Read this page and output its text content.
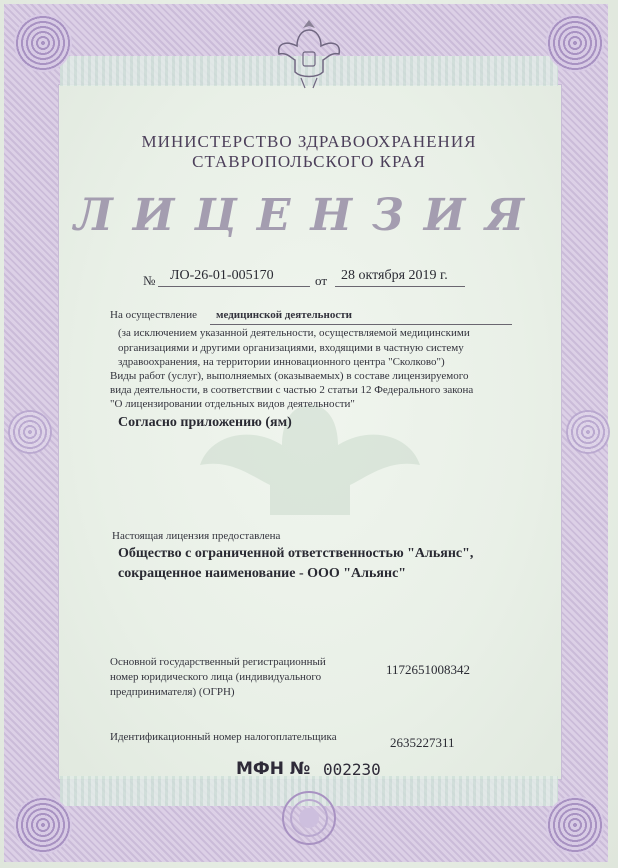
МИНИСТЕРСТВО ЗДРАВООХРАНЕНИЯ
СТАВРОПОЛЬСКОГО КРАЯ
ЛИЦЕНЗИЯ
№ ЛО-26-01-005170	от 28 октября 2019 г.
На осуществление медицинской деятельности
(за исключением указанной деятельности, осуществляемой медицинскими
организациями и другими организациями, входящими в частную систему
здравоохранения, на территории инновационного центра "Сколково")
Виды работ (услуг), выполняемых (оказываемых) в составе лицензируемого
вида деятельности, в соответствии с частью 2 статьи 12 Федерального закона
"О лицензировании отдельных видов деятельности"
Согласно приложению (ям)
Настоящая лицензия предоставлена
Общество с ограниченной ответственностью "Альянс",
сокращенное наименование - ООО "Альянс"
Основной государственный регистрационный
номер юридического лица (индивидуального
предпринимателя) (ОГРН)
1172651008342
Идентификационный номер налогоплательщика	2635227311
МФН № 002230
